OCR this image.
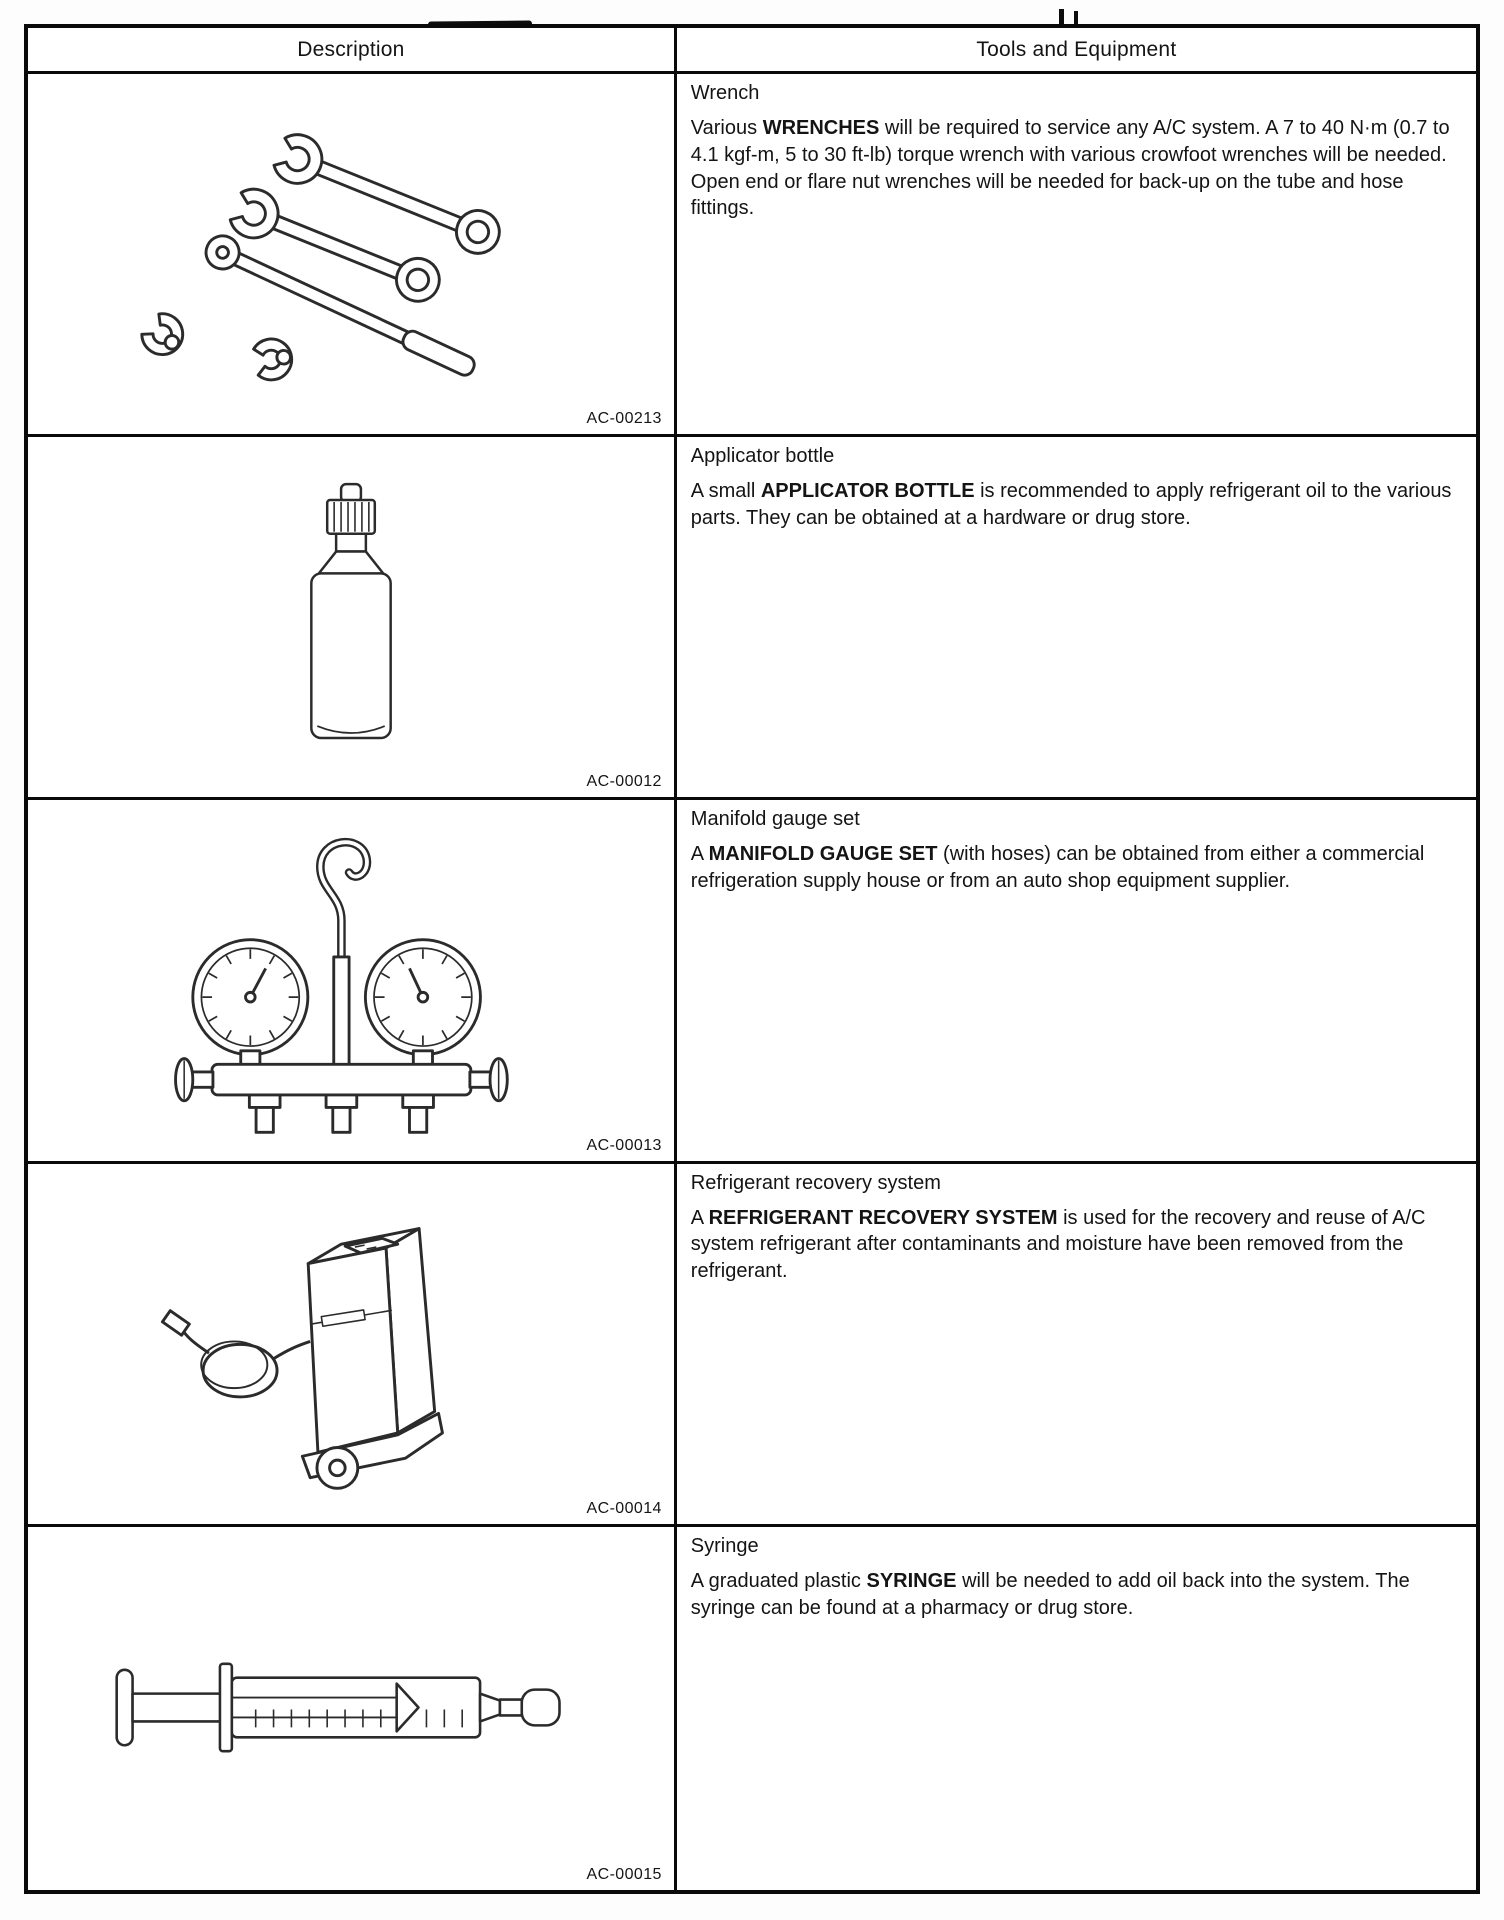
Description	Tools and Equipment
AC-00213

Wrench

Various WRENCHES will be required to service any A/C system. A 7 to 40 N·m (0.7 to 4.1 kgf-m, 5 to 30 ft-lb) torque wrench with various crowfoot wrenches will be needed. Open end or flare nut wrenches will be needed for back-up on the tube and hose fittings.

AC-00012

Applicator bottle

A small APPLICATOR BOTTLE is recommended to apply refrigerant oil to the various parts. They can be obtained at a hardware or drug store.

AC-00013

Manifold gauge set

A MANIFOLD GAUGE SET (with hoses) can be obtained from either a commercial refrigeration supply house or from an auto shop equipment supplier.

AC-00014

Refrigerant recovery system

A REFRIGERANT RECOVERY SYSTEM is used for the recovery and reuse of A/C system refrigerant after contaminants and moisture have been removed from the refrigerant.

AC-00015

Syringe

A graduated plastic SYRINGE will be needed to add oil back into the system. The syringe can be found at a pharmacy or drug store.
